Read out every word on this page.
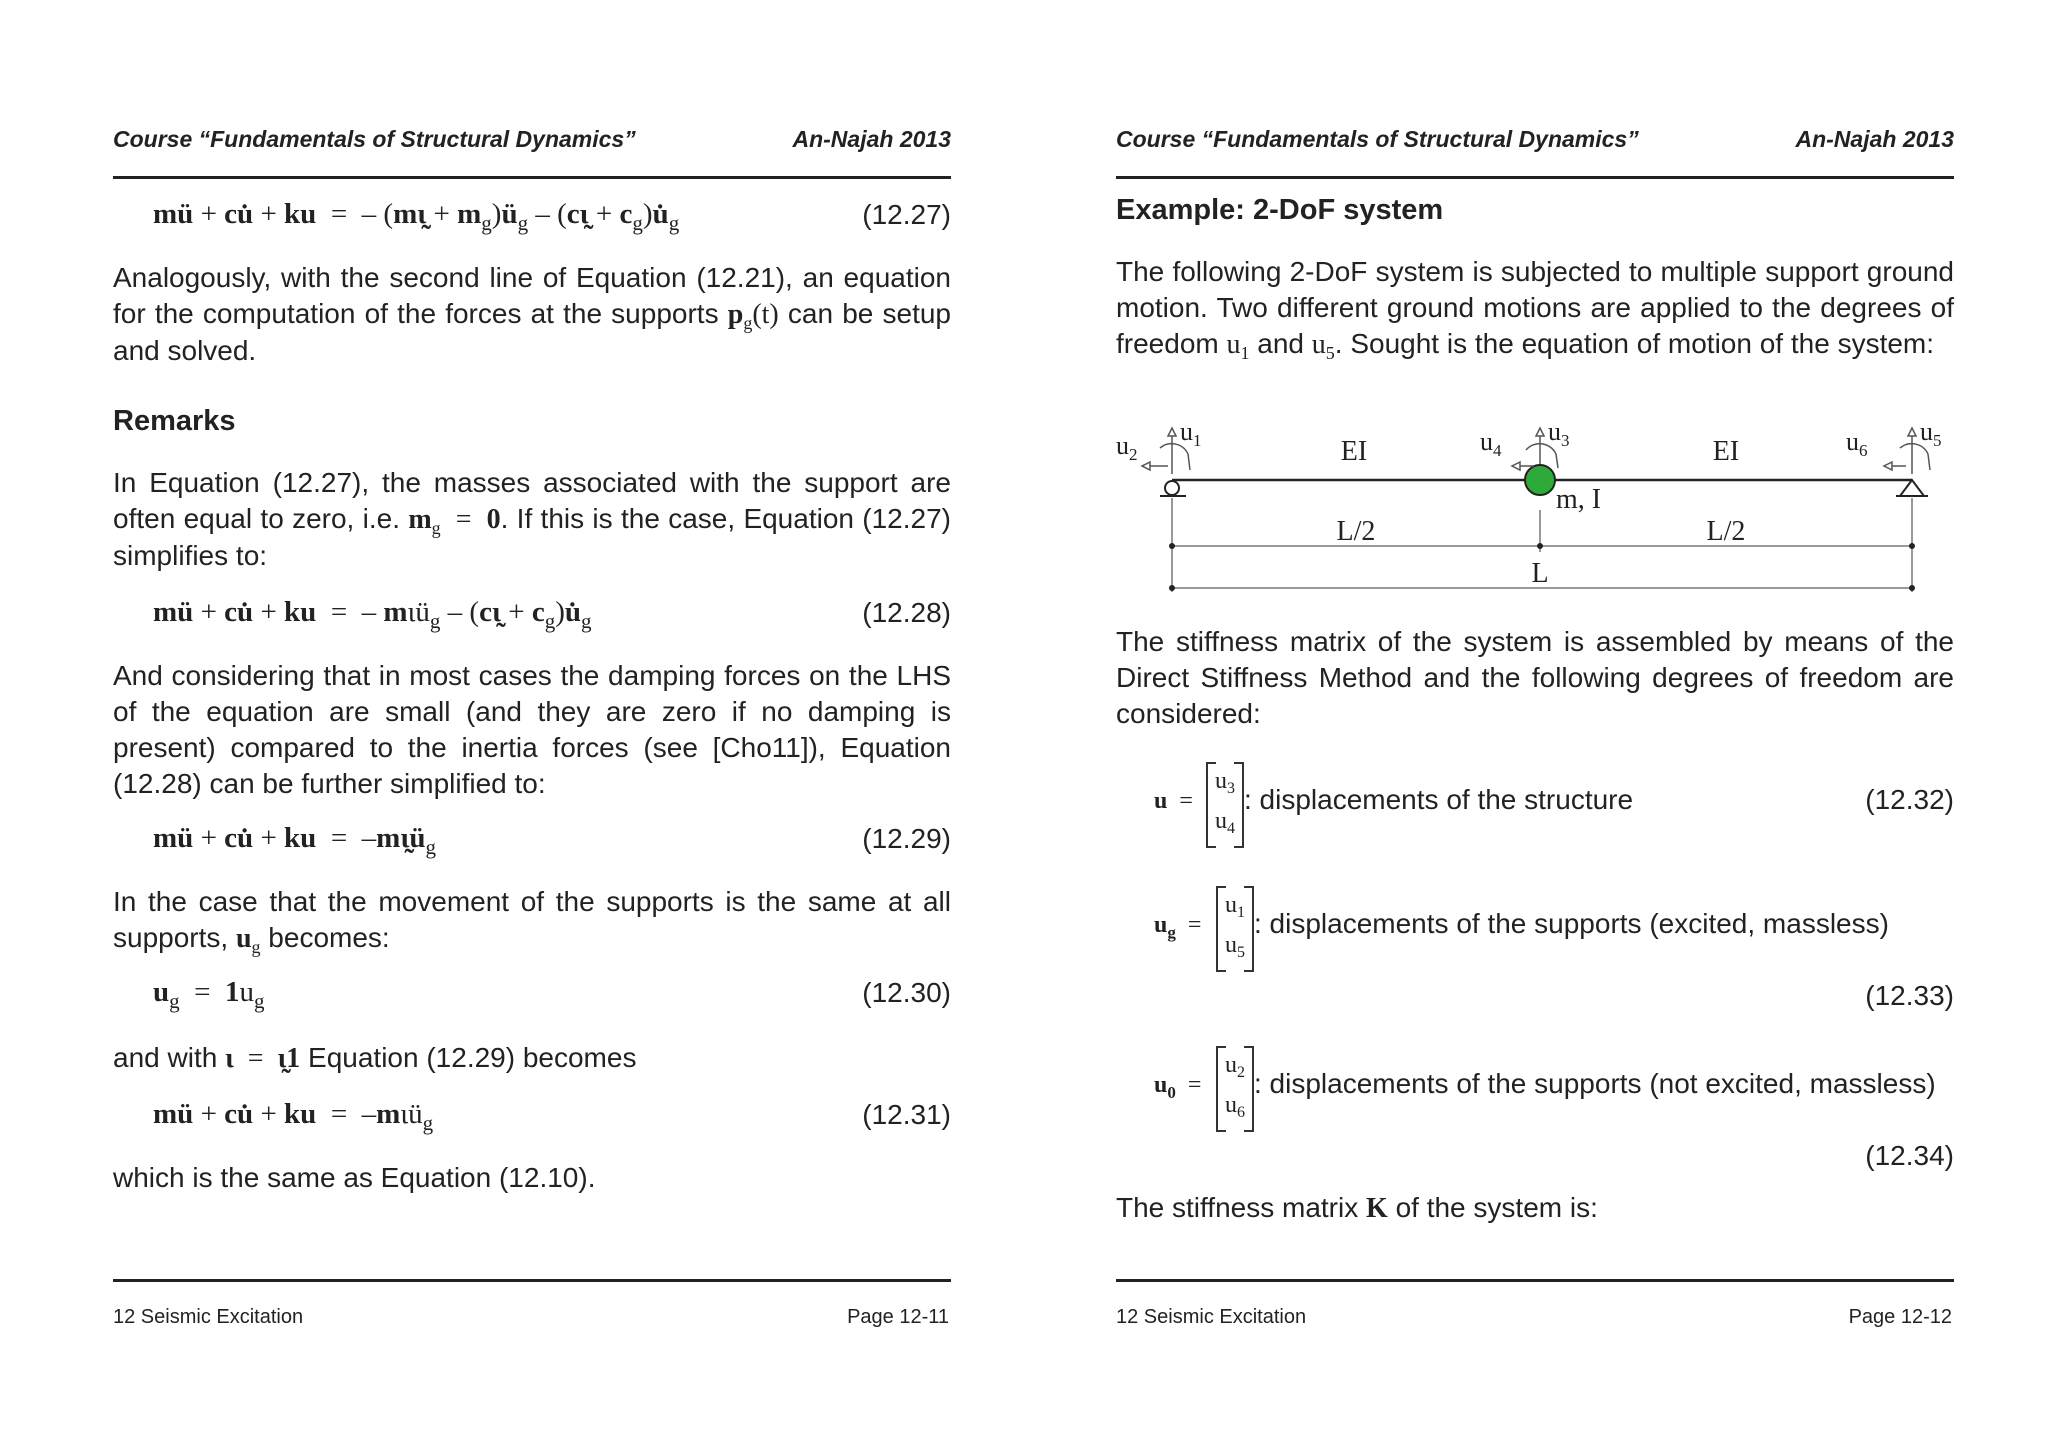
Course “Fundamentals of Structural Dynamics”	An-Najah 2013
mü + cu̇ + ku  =  – (mι̰ + $m_g)ü_g$ – (cι̰ + $c_g)u̇_g$	(12.27)
Analogously, with the second line of Equation (12.21), an equation for the computation of the forces at the supports $p_g(t)$ can be setup and solved.
Remarks
In Equation (12.27), the masses associated with the support are often equal to zero, i.e. $m_g = 0$. If this is the case, Equation (12.27) simplifies to:
mü + cu̇ + ku  =  – mιü$_g$ – (cι̰ + $c_g)u̇_g$	(12.28)
And considering that in most cases the damping forces on the LHS of the equation are small (and they are zero if no damping is present) compared to the inertia forces (see [Cho11]), Equation (12.28) can be further simplified to:
mü + cu̇ + ku  =  $-m\iota̰ü_g$	(12.29)
In the case that the movement of the supports is the same at all supports, $u_g$ becomes:
$u_g = 1u_g$	(12.30)
and with ι  =  ι̰1 Equation (12.29) becomes
mü + cu̇ + ku  =  –mιü$_g$	(12.31)
which is the same as Equation (12.10).
12 Seismic Excitation	Page 12-11
Course “Fundamentals of Structural Dynamics”	An-Najah 2013
Example: 2-DoF system
The following 2-DoF system is subjected to multiple support ground motion. Two different ground motions are applied to the degrees of freedom $u_1$ and $u_5$. Sought is the equation of motion of the system:
$u_2$
$u_1$	$u_4$
$u_3$	$u_6$
$u_5$
EI	EI
m, I
L/2	L/2
L
The stiffness matrix of the system is assembled by means of the Direct Stiffness Method and the following degrees of freedom are considered:
u  =
$u_3$
$u_4$
: displacements of the structure	(12.32)
$u_g$ =
$u_1$
$u_5$
: displacements of the supports (excited, massless)
(12.33)
$u_0$ =
$u_2$
$u_6$
: displacements of the supports (not excited, massless)
(12.34)
The stiffness matrix K of the system is:
12 Seismic Excitation	Page 12-12
